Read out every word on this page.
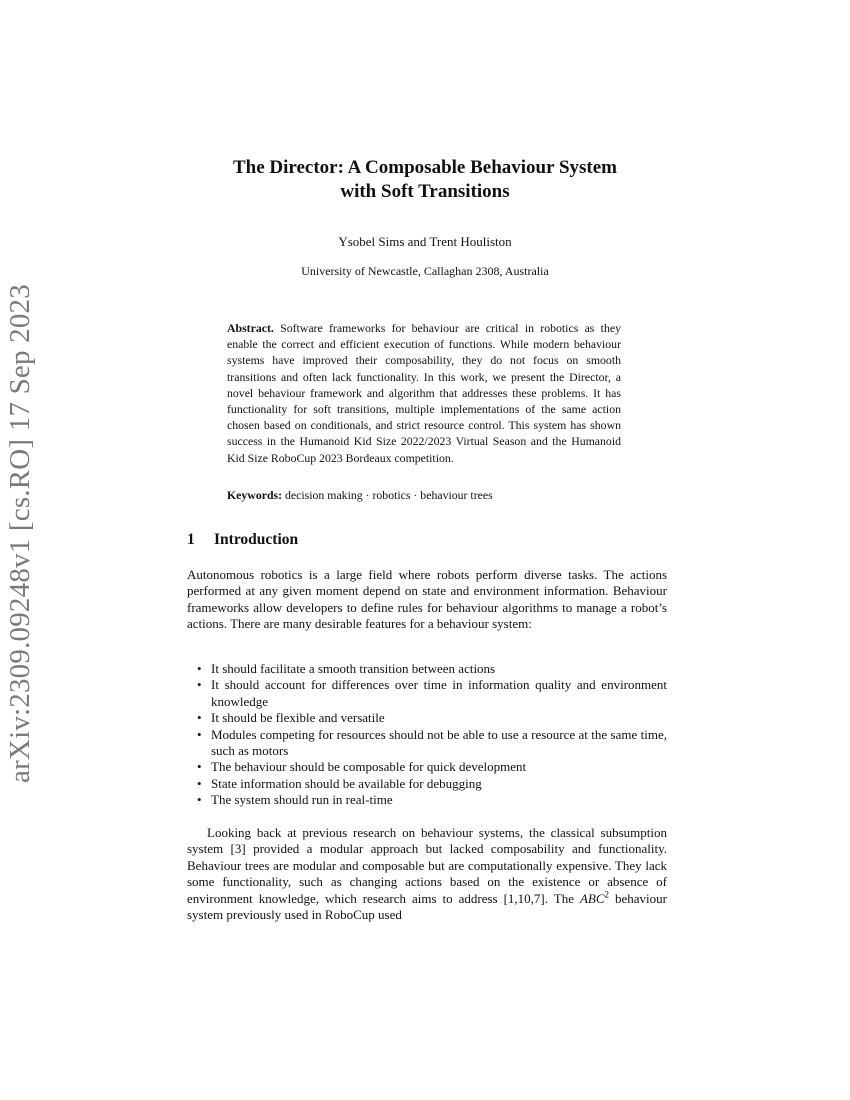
arXiv:2309.09248v1 [cs.RO] 17 Sep 2023
The Director: A Composable Behaviour System
with Soft Transitions
Ysobel Sims and Trent Houliston
University of Newcastle, Callaghan 2308, Australia
Abstract. Software frameworks for behaviour are critical in robotics as they enable the correct and efficient execution of functions. While modern behaviour systems have improved their composability, they do not focus on smooth transitions and often lack functionality. In this work, we present the Director, a novel behaviour framework and algorithm that addresses these problems. It has functionality for soft transitions, multiple implementations of the same action chosen based on conditionals, and strict resource control. This system has shown success in the Humanoid Kid Size 2022/2023 Virtual Season and the Humanoid Kid Size RoboCup 2023 Bordeaux competition.
Keywords: decision making · robotics · behaviour trees
1 Introduction
Autonomous robotics is a large field where robots perform diverse tasks. The actions performed at any given moment depend on state and environment information. Behaviour frameworks allow developers to define rules for behaviour algorithms to manage a robot’s actions. There are many desirable features for a behaviour system:
• It should facilitate a smooth transition between actions
• It should account for differences over time in information quality and environment knowledge
• It should be flexible and versatile
• Modules competing for resources should not be able to use a resource at the same time, such as motors
• The behaviour should be composable for quick development
• State information should be available for debugging
• The system should run in real-time
Looking back at previous research on behaviour systems, the classical subsumption system [3] provided a modular approach but lacked composability and functionality. Behaviour trees are modular and composable but are computationally expensive. They lack some functionality, such as changing actions based on the existence or absence of environment knowledge, which research aims to address [1,10,7]. The ABC$^2$ behaviour system previously used in RoboCup used
